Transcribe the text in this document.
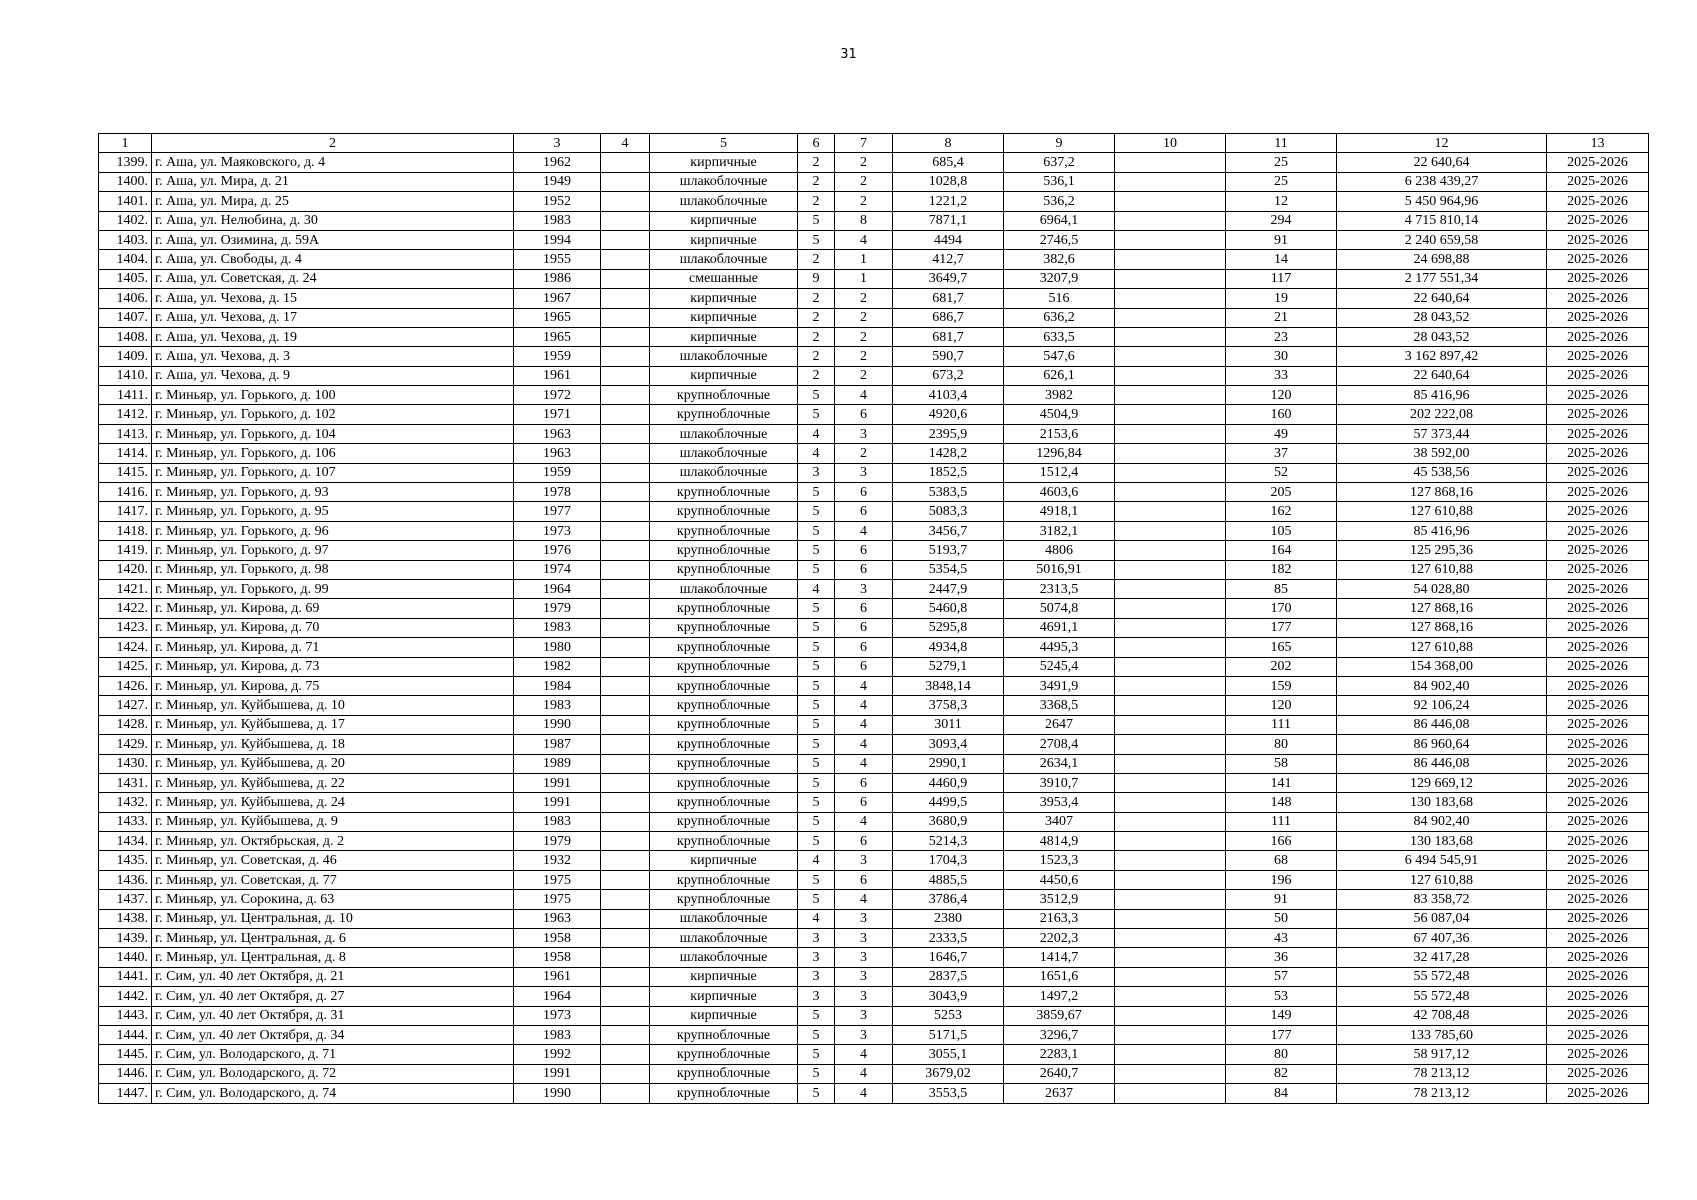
31
1	2	3	4	5	6	7	8	9	10	11	12	13
1399.	г. Аша, ул. Маяковского, д. 4	1962		кирпичные	2	2	685,4	637,2		25	22 640,64	2025-2026
1400.	г. Аша, ул. Мира, д. 21	1949		шлакоблочные	2	2	1028,8	536,1		25	6 238 439,27	2025-2026
1401.	г. Аша, ул. Мира, д. 25	1952		шлакоблочные	2	2	1221,2	536,2		12	5 450 964,96	2025-2026
1402.	г. Аша, ул. Нелюбина, д. 30	1983		кирпичные	5	8	7871,1	6964,1		294	4 715 810,14	2025-2026
1403.	г. Аша, ул. Озимина, д. 59А	1994		кирпичные	5	4	4494	2746,5		91	2 240 659,58	2025-2026
1404.	г. Аша, ул. Свободы, д. 4	1955		шлакоблочные	2	1	412,7	382,6		14	24 698,88	2025-2026
1405.	г. Аша, ул. Советская, д. 24	1986		смешанные	9	1	3649,7	3207,9		117	2 177 551,34	2025-2026
1406.	г. Аша, ул. Чехова, д. 15	1967		кирпичные	2	2	681,7	516		19	22 640,64	2025-2026
1407.	г. Аша, ул. Чехова, д. 17	1965		кирпичные	2	2	686,7	636,2		21	28 043,52	2025-2026
1408.	г. Аша, ул. Чехова, д. 19	1965		кирпичные	2	2	681,7	633,5		23	28 043,52	2025-2026
1409.	г. Аша, ул. Чехова, д. 3	1959		шлакоблочные	2	2	590,7	547,6		30	3 162 897,42	2025-2026
1410.	г. Аша, ул. Чехова, д. 9	1961		кирпичные	2	2	673,2	626,1		33	22 640,64	2025-2026
1411.	г. Миньяр, ул. Горького, д. 100	1972		крупноблочные	5	4	4103,4	3982		120	85 416,96	2025-2026
1412.	г. Миньяр, ул. Горького, д. 102	1971		крупноблочные	5	6	4920,6	4504,9		160	202 222,08	2025-2026
1413.	г. Миньяр, ул. Горького, д. 104	1963		шлакоблочные	4	3	2395,9	2153,6		49	57 373,44	2025-2026
1414.	г. Миньяр, ул. Горького, д. 106	1963		шлакоблочные	4	2	1428,2	1296,84		37	38 592,00	2025-2026
1415.	г. Миньяр, ул. Горького, д. 107	1959		шлакоблочные	3	3	1852,5	1512,4		52	45 538,56	2025-2026
1416.	г. Миньяр, ул. Горького, д. 93	1978		крупноблочные	5	6	5383,5	4603,6		205	127 868,16	2025-2026
1417.	г. Миньяр, ул. Горького, д. 95	1977		крупноблочные	5	6	5083,3	4918,1		162	127 610,88	2025-2026
1418.	г. Миньяр, ул. Горького, д. 96	1973		крупноблочные	5	4	3456,7	3182,1		105	85 416,96	2025-2026
1419.	г. Миньяр, ул. Горького, д. 97	1976		крупноблочные	5	6	5193,7	4806		164	125 295,36	2025-2026
1420.	г. Миньяр, ул. Горького, д. 98	1974		крупноблочные	5	6	5354,5	5016,91		182	127 610,88	2025-2026
1421.	г. Миньяр, ул. Горького, д. 99	1964		шлакоблочные	4	3	2447,9	2313,5		85	54 028,80	2025-2026
1422.	г. Миньяр, ул. Кирова, д. 69	1979		крупноблочные	5	6	5460,8	5074,8		170	127 868,16	2025-2026
1423.	г. Миньяр, ул. Кирова, д. 70	1983		крупноблочные	5	6	5295,8	4691,1		177	127 868,16	2025-2026
1424.	г. Миньяр, ул. Кирова, д. 71	1980		крупноблочные	5	6	4934,8	4495,3		165	127 610,88	2025-2026
1425.	г. Миньяр, ул. Кирова, д. 73	1982		крупноблочные	5	6	5279,1	5245,4		202	154 368,00	2025-2026
1426.	г. Миньяр, ул. Кирова, д. 75	1984		крупноблочные	5	4	3848,14	3491,9		159	84 902,40	2025-2026
1427.	г. Миньяр, ул. Куйбышева, д. 10	1983		крупноблочные	5	4	3758,3	3368,5		120	92 106,24	2025-2026
1428.	г. Миньяр, ул. Куйбышева, д. 17	1990		крупноблочные	5	4	3011	2647		111	86 446,08	2025-2026
1429.	г. Миньяр, ул. Куйбышева, д. 18	1987		крупноблочные	5	4	3093,4	2708,4		80	86 960,64	2025-2026
1430.	г. Миньяр, ул. Куйбышева, д. 20	1989		крупноблочные	5	4	2990,1	2634,1		58	86 446,08	2025-2026
1431.	г. Миньяр, ул. Куйбышева, д. 22	1991		крупноблочные	5	6	4460,9	3910,7		141	129 669,12	2025-2026
1432.	г. Миньяр, ул. Куйбышева, д. 24	1991		крупноблочные	5	6	4499,5	3953,4		148	130 183,68	2025-2026
1433.	г. Миньяр, ул. Куйбышева, д. 9	1983		крупноблочные	5	4	3680,9	3407		111	84 902,40	2025-2026
1434.	г. Миньяр, ул. Октябрьская, д. 2	1979		крупноблочные	5	6	5214,3	4814,9		166	130 183,68	2025-2026
1435.	г. Миньяр, ул. Советская, д. 46	1932		кирпичные	4	3	1704,3	1523,3		68	6 494 545,91	2025-2026
1436.	г. Миньяр, ул. Советская, д. 77	1975		крупноблочные	5	6	4885,5	4450,6		196	127 610,88	2025-2026
1437.	г. Миньяр, ул. Сорокина, д. 63	1975		крупноблочные	5	4	3786,4	3512,9		91	83 358,72	2025-2026
1438.	г. Миньяр, ул. Центральная, д. 10	1963		шлакоблочные	4	3	2380	2163,3		50	56 087,04	2025-2026
1439.	г. Миньяр, ул. Центральная, д. 6	1958		шлакоблочные	3	3	2333,5	2202,3		43	67 407,36	2025-2026
1440.	г. Миньяр, ул. Центральная, д. 8	1958		шлакоблочные	3	3	1646,7	1414,7		36	32 417,28	2025-2026
1441.	г. Сим, ул. 40 лет Октября, д. 21	1961		кирпичные	3	3	2837,5	1651,6		57	55 572,48	2025-2026
1442.	г. Сим, ул. 40 лет Октября, д. 27	1964		кирпичные	3	3	3043,9	1497,2		53	55 572,48	2025-2026
1443.	г. Сим, ул. 40 лет Октября, д. 31	1973		кирпичные	5	3	5253	3859,67		149	42 708,48	2025-2026
1444.	г. Сим, ул. 40 лет Октября, д. 34	1983		крупноблочные	5	3	5171,5	3296,7		177	133 785,60	2025-2026
1445.	г. Сим, ул. Володарского, д. 71	1992		крупноблочные	5	4	3055,1	2283,1		80	58 917,12	2025-2026
1446.	г. Сим, ул. Володарского, д. 72	1991		крупноблочные	5	4	3679,02	2640,7		82	78 213,12	2025-2026
1447.	г. Сим, ул. Володарского, д. 74	1990		крупноблочные	5	4	3553,5	2637		84	78 213,12	2025-2026
